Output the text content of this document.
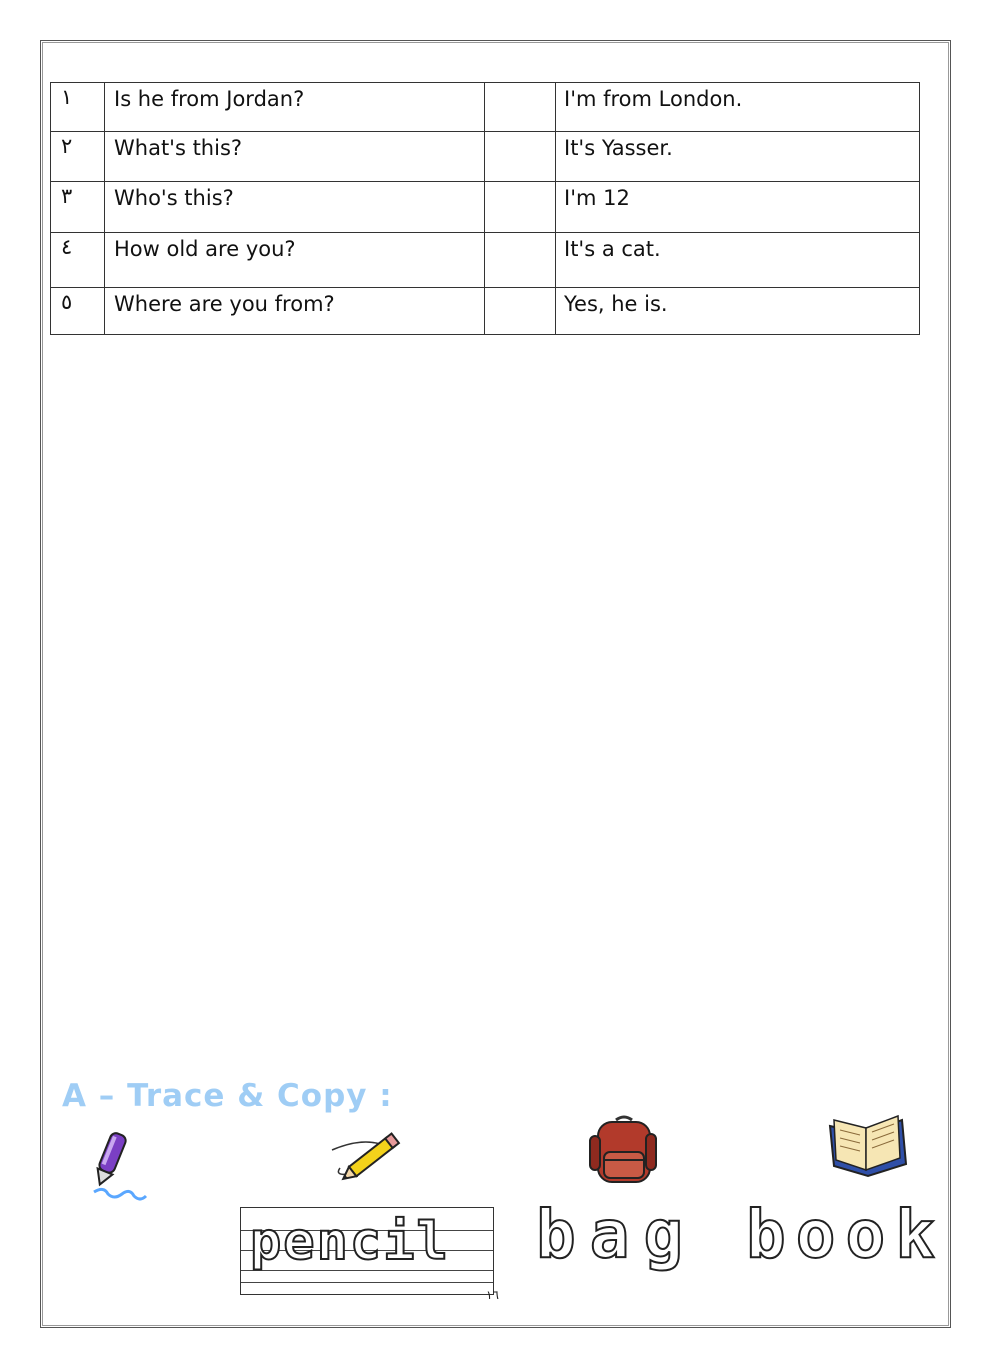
١	Is he from Jordan?		I'm from London.
٢	What's this?		It's Yasser.
٣	Who's this?		I'm 12
٤	How old are you?		It's a cat.
٥	Where are you from?		Yes, he is.
A – Trace & Copy :
pencil bag book
١٦
